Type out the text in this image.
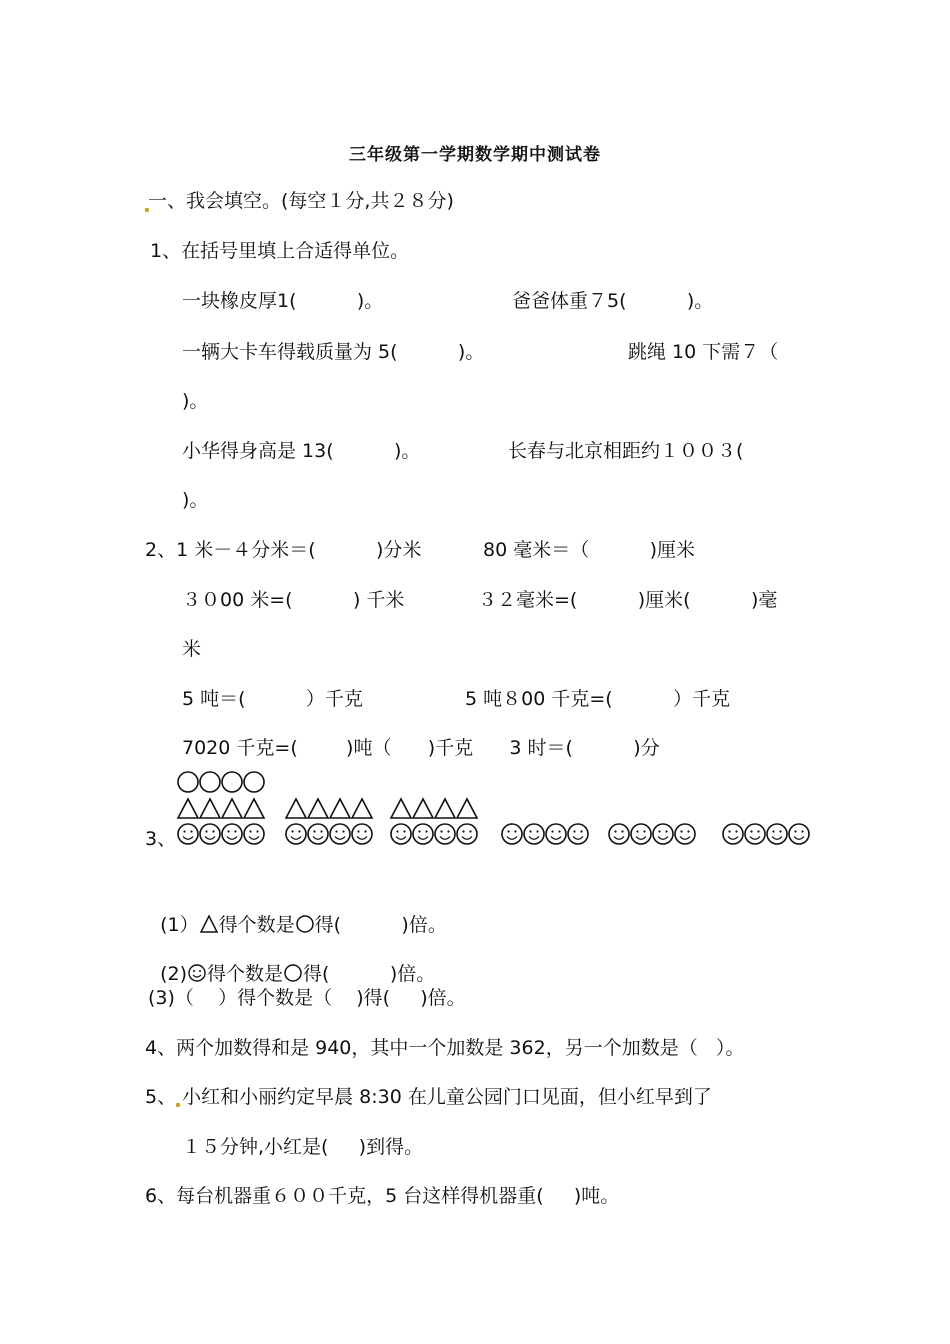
三年级第一学期数学期中测试卷
一、我会填空。(每空１分,共２８分)
1、在括号里填上合适得单位。
一块橡皮厚1(          )。	爸爸体重７5(          )。
一辆大卡车得载质量为 5(          )。	跳绳 10 下需７（
)。
小华得身高是 13(          )。	长春与北京相距约１００３(
)。
2、1 米－４分米＝(          )分米	80 毫米＝（          )厘米
３０00 米=(          ) 千米	３２毫米=(          )厘米(          )毫
米
5 吨＝(          ）千克	5 吨８00 千克=(          ）千克
7020 千克=(        )吨（      )千克      3 时＝(          )分
3、

(1） 得个数是 得(          )倍。

(2) 得个数是 得(          )倍。

(3)（    ）得个数是（    )得(     )倍。
4、两个加数得和是 940，其中一个加数是 362，另一个加数是（   ）。
5、 小红和小丽约定早晨 8:30 在儿童公园门口见面，但小红早到了
１５分钟,小红是(     )到得。
6、每台机器重６００千克，5 台这样得机器重(     )吨。
